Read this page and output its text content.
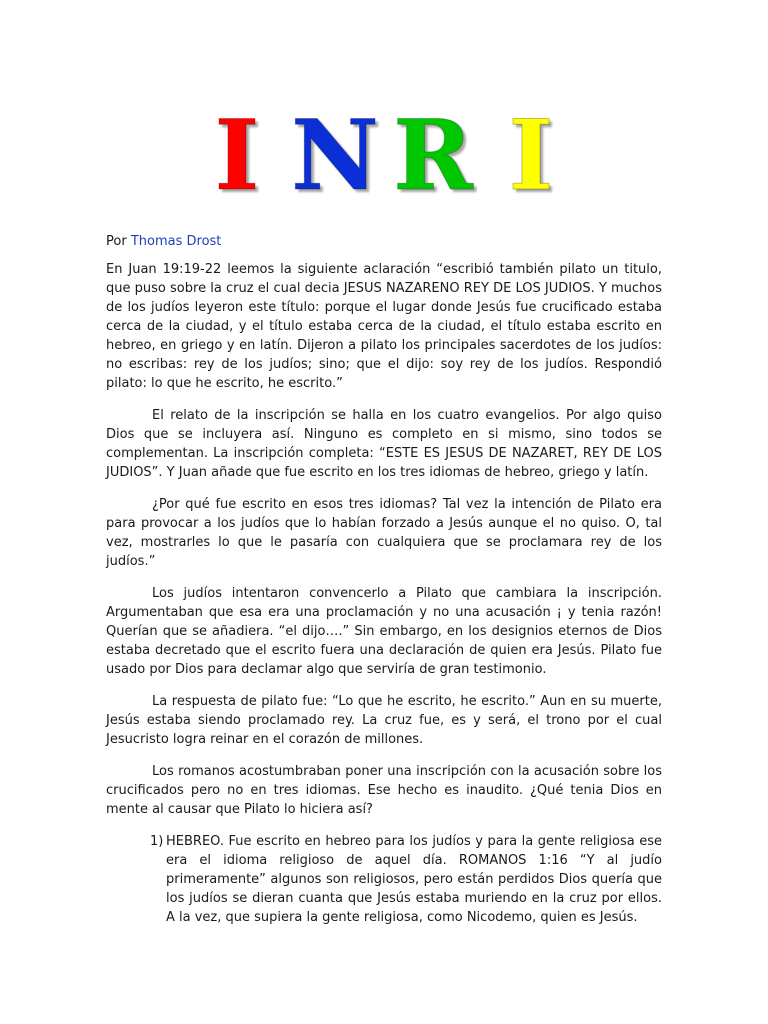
I N R I
Por Thomas Drost

En Juan 19:19-22 leemos la siguiente aclaración “escribió también pilato un titulo, que puso sobre la cruz el cual decia JESUS NAZARENO REY DE LOS JUDIOS. Y muchos de los judíos leyeron este título: porque el lugar donde Jesús fue crucificado estaba cerca de la ciudad, y el título estaba cerca de la ciudad, el título estaba escrito en hebreo, en griego y en latín. Dijeron a pilato los principales sacerdotes de los judíos: no escribas: rey de los judíos; sino; que el dijo: soy rey de los judíos. Respondió pilato: lo que he escrito, he escrito.”

El relato de la inscripción se halla en los cuatro evangelios. Por algo quiso Dios que se incluyera así. Ninguno es completo en si mismo, sino todos se complementan. La inscripción completa: “ESTE ES JESUS DE NAZARET, REY DE LOS JUDIOS”. Y Juan añade que fue escrito en los tres idiomas de hebreo, griego y latín.

¿Por qué fue escrito en esos tres idiomas? Tal vez la intención de Pilato era para provocar a los judíos que lo habían forzado a Jesús aunque el no quiso. O, tal vez, mostrarles lo que le pasaría con cualquiera que se proclamara rey de los judíos.”

Los judíos intentaron convencerlo a Pilato que cambiara la inscripción. Argumentaban que esa era una proclamación y no una acusación ¡ y tenia razón! Querían que se añadiera. “el dijo….” Sin embargo, en los designios eternos de Dios estaba decretado que el escrito fuera una declaración de quien era Jesús. Pilato fue usado por Dios para declamar algo que serviría de gran testimonio.

La respuesta de pilato fue: “Lo que he escrito, he escrito.” Aun en su muerte, Jesús estaba siendo proclamado rey. La cruz fue, es y será, el trono por el cual Jesucristo logra reinar en el corazón de millones.

Los romanos acostumbraban poner una inscripción con la acusación sobre los crucificados pero no en tres idiomas. Ese hecho es inaudito. ¿Qué tenia Dios en mente al causar que Pilato lo hiciera así?

1) HEBREO. Fue escrito en hebreo para los judíos y para la gente religiosa ese era el idioma religioso de aquel día. ROMANOS 1:16 “Y al judío primeramente” algunos son religiosos, pero están perdidos Dios quería que los judíos se dieran cuanta que Jesús estaba muriendo en la cruz por ellos. A la vez, que supiera la gente religiosa, como Nicodemo, quien es Jesús.
